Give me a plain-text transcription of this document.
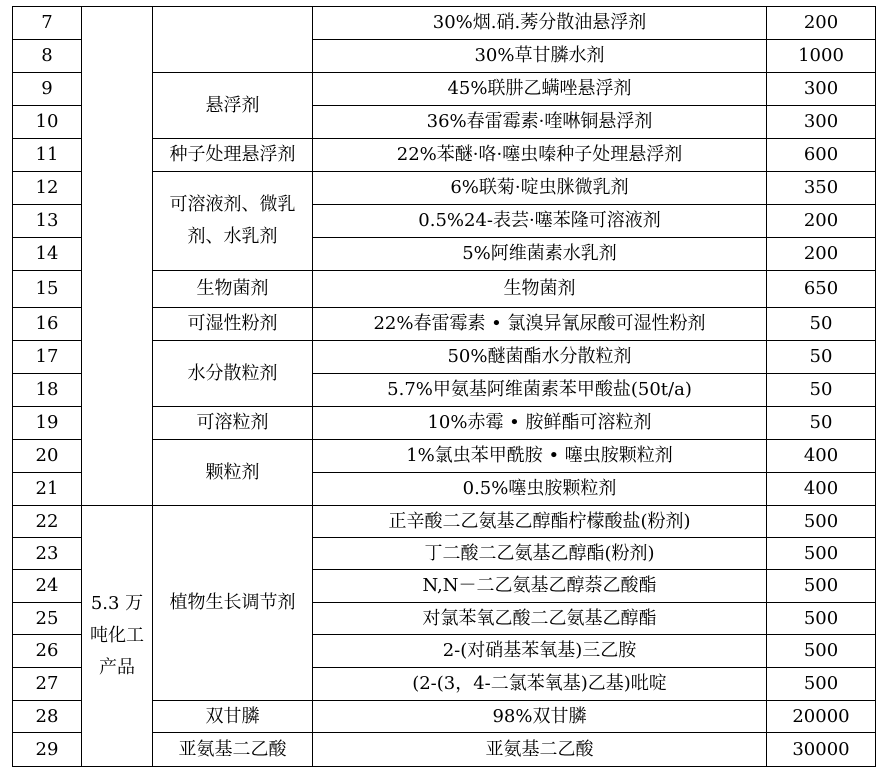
7			30%烟.硝.莠分散油悬浮剂	200
8			30%草甘膦水剂	1000
9		悬浮剂	45%联肼乙螨唑悬浮剂	300
10			36%春雷霉素·喹啉铜悬浮剂	300
11		种子处理悬浮剂	22%苯醚·咯·噻虫嗪种子处理悬浮剂	600
12		可溶液剂、微乳
剂、水乳剂	6%联菊·啶虫脒微乳剂	350
13			0.5%24-表芸·噻苯隆可溶液剂	200
14			5%阿维菌素水乳剂	200
15		生物菌剂	生物菌剂	650
16		可湿性粉剂	22%春雷霉素 • 氯溴异氰尿酸可湿性粉剂	50
17		水分散粒剂	50%醚菌酯水分散粒剂	50
18			5.7%甲氨基阿维菌素苯甲酸盐(50t/a)	50
19		可溶粒剂	10%赤霉 • 胺鲜酯可溶粒剂	50
20		颗粒剂	1%氯虫苯甲酰胺 • 噻虫胺颗粒剂	400
21			0.5%噻虫胺颗粒剂	400
22	5.3 万
吨化工
产品	植物生长调节剂	正辛酸二乙氨基乙醇酯柠檬酸盐(粉剂)	500
23			丁二酸二乙氨基乙醇酯(粉剂)	500
24			N,N－二乙氨基乙醇萘乙酸酯	500
25			对氯苯氧乙酸二乙氨基乙醇酯	500
26			2-(对硝基苯氧基)三乙胺	500
27			(2-(3，4-二氯苯氧基)乙基)吡啶	500
28		双甘膦	98%双甘膦	20000
29		亚氨基二乙酸	亚氨基二乙酸	30000
